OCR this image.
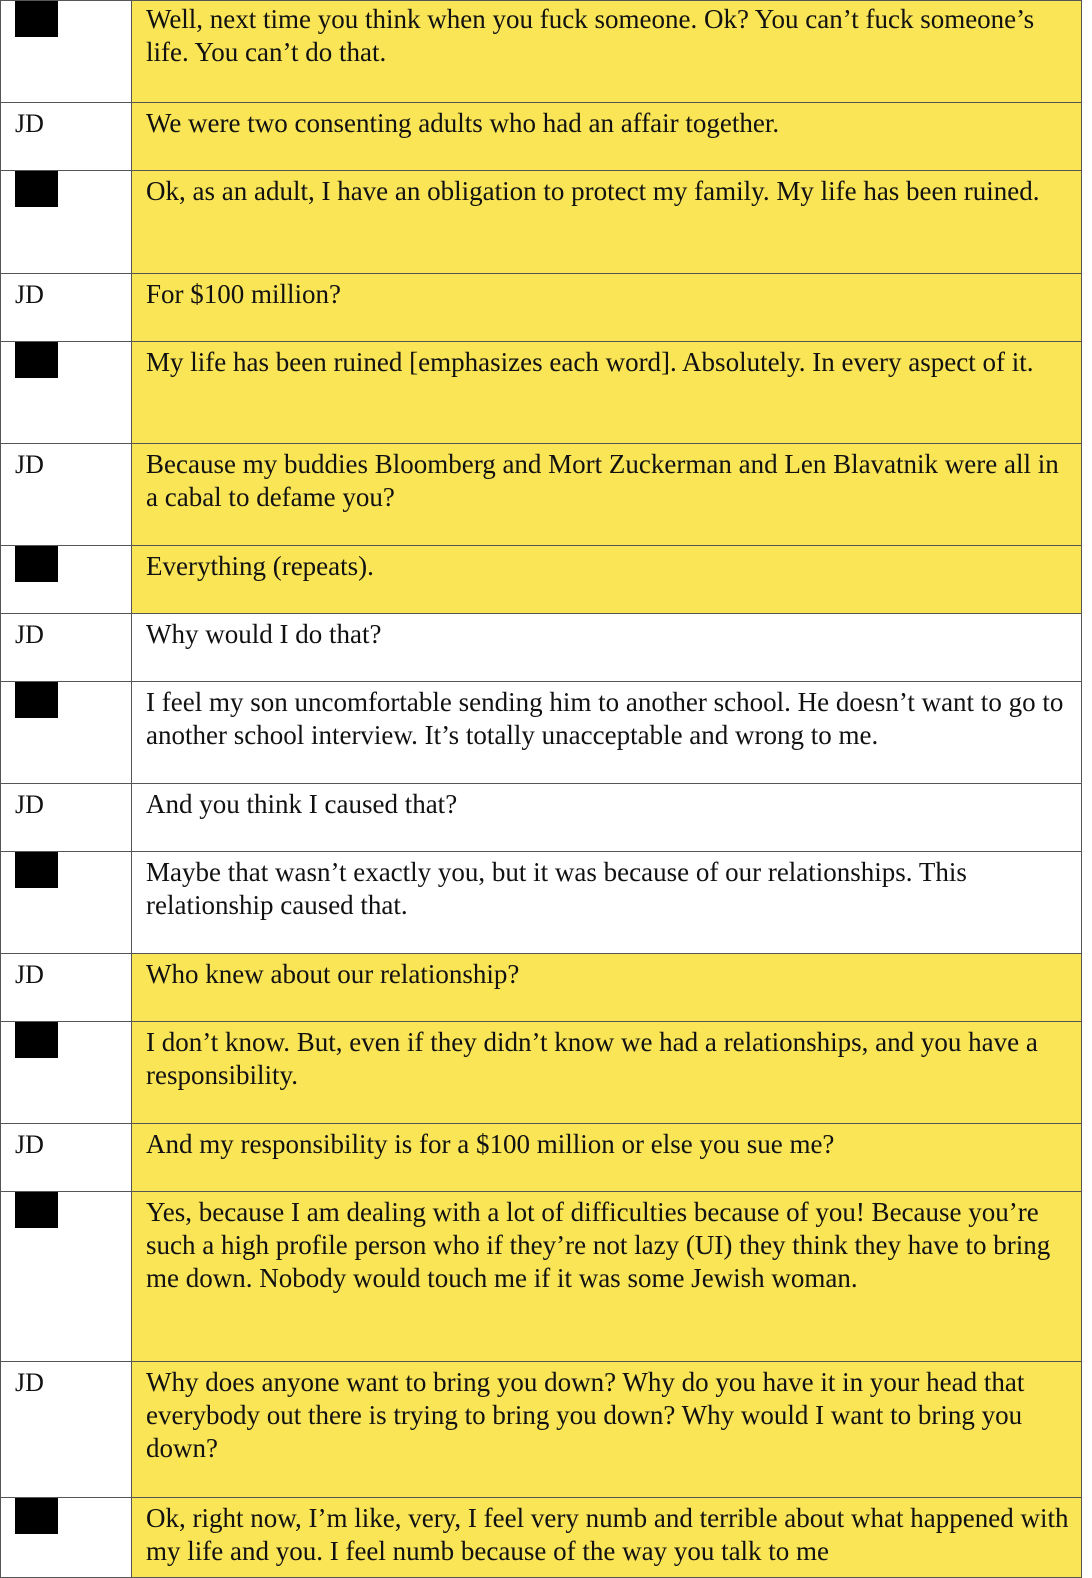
	Well, next time you think when you fuck someone. Ok? You can’t fuck someone’s life. You can’t do that.

JD	We were two consenting adults who had an affair together.

	Ok, as an adult, I have an obligation to protect my family. My life has been ruined.

JD	For $100 million?

	My life has been ruined [emphasizes each word]. Absolutely. In every aspect of it.

JD	Because my buddies Bloomberg and Mort Zuckerman and Len Blavatnik were all in a cabal to defame you?

	Everything (repeats).

JD	Why would I do that?

	I feel my son uncomfortable sending him to another school. He doesn’t want to go to another school interview. It’s totally unacceptable and wrong to me.

JD	And you think I caused that?

	Maybe that wasn’t exactly you, but it was because of our relationships. This relationship caused that.

JD	Who knew about our relationship?

	I don’t know. But, even if they didn’t know we had a relationships, and you have a responsibility.

JD	And my responsibility is for a $100 million or else you sue me?

	Yes, because I am dealing with a lot of difficulties because of you! Because you’re such a high profile person who if they’re not lazy (UI) they think they have to bring me down. Nobody would touch me if it was some Jewish woman.

JD	Why does anyone want to bring you down? Why do you have it in your head that everybody out there is trying to bring you down? Why would I want to bring you down?

	Ok, right now, I’m like, very, I feel very numb and terrible about what happened with my life and you. I feel numb because of the way you talk to me
